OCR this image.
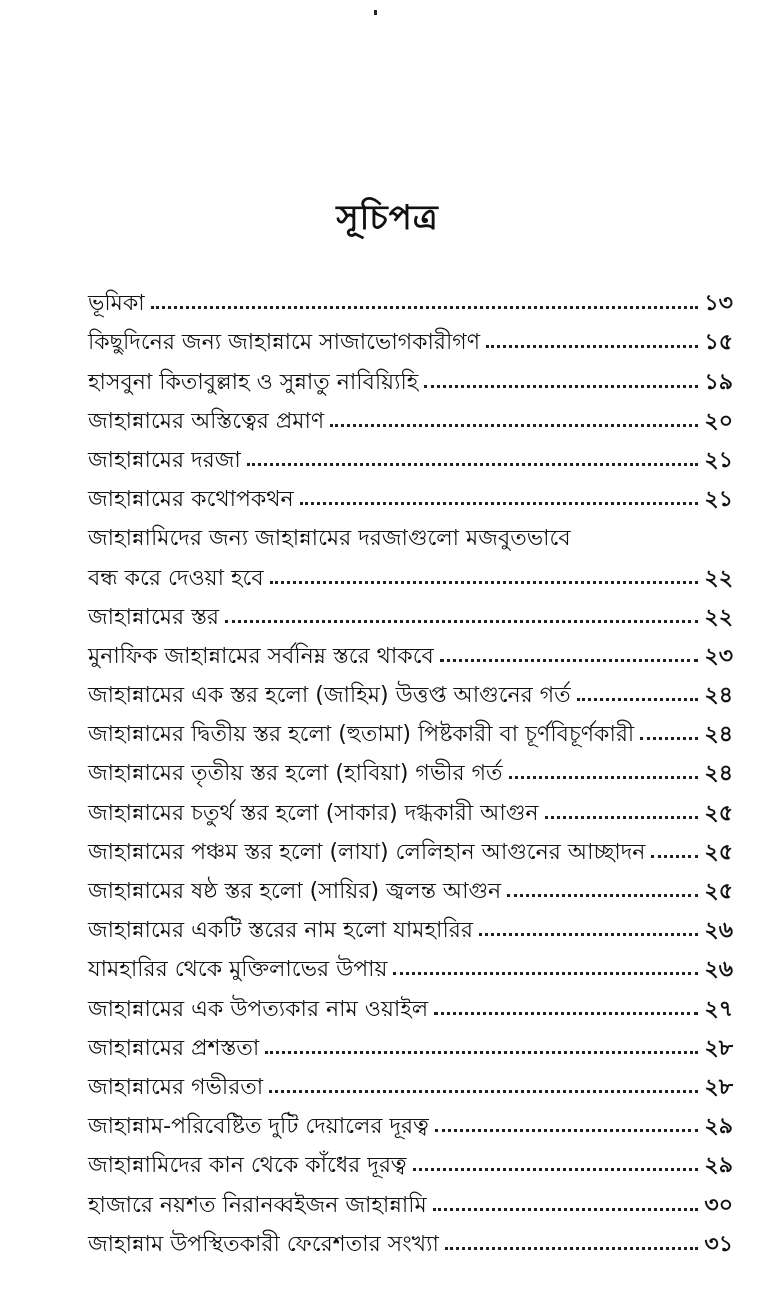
সূচিপত্র
ভূমিকা	১৩
কিছুদিনের জন্য জাহান্নামে সাজাভোগকারীগণ	১৫
হাসবুনা কিতাবুল্লাহ ও সুন্নাতু নাবিয়্যিহি	১৯
জাহান্নামের অস্তিত্বের প্রমাণ	২০
জাহান্নামের দরজা	২১
জাহান্নামের কথোপকথন	২১
জাহান্নামিদের জন্য জাহান্নামের দরজাগুলো মজবুতভাবে
বন্ধ করে দেওয়া হবে	২২
জাহান্নামের স্তর	২২
মুনাফিক জাহান্নামের সর্বনিম্ন স্তরে থাকবে	২৩
জাহান্নামের এক স্তর হলো (জাহিম) উত্তপ্ত আগুনের গর্ত	২৪
জাহান্নামের দ্বিতীয় স্তর হলো (হুতামা) পিষ্টকারী বা চূর্ণবিচূর্ণকারী	২৪
জাহান্নামের তৃতীয় স্তর হলো (হাবিয়া) গভীর গর্ত	২৪
জাহান্নামের চতুর্থ স্তর হলো (সাকার) দগ্ধকারী আগুন	২৫
জাহান্নামের পঞ্চম স্তর হলো (লাযা) লেলিহান আগুনের আচ্ছাদন	২৫
জাহান্নামের ষষ্ঠ স্তর হলো (সায়ির) জ্বলন্ত আগুন	২৫
জাহান্নামের একটি স্তরের নাম হলো যামহারির	২৬
যামহারির থেকে মুক্তিলাভের উপায়	২৬
জাহান্নামের এক উপত্যকার নাম ওয়াইল	২৭
জাহান্নামের প্রশস্ততা	২৮
জাহান্নামের গভীরতা	২৮
জাহান্নাম-পরিবেষ্টিত দুটি দেয়ালের দূরত্ব	২৯
জাহান্নামিদের কান থেকে কাঁধের দূরত্ব	২৯
হাজারে নয়শত নিরানব্বইজন জাহান্নামি	৩০
জাহান্নাম উপস্থিতকারী ফেরেশতার সংখ্যা	৩১
